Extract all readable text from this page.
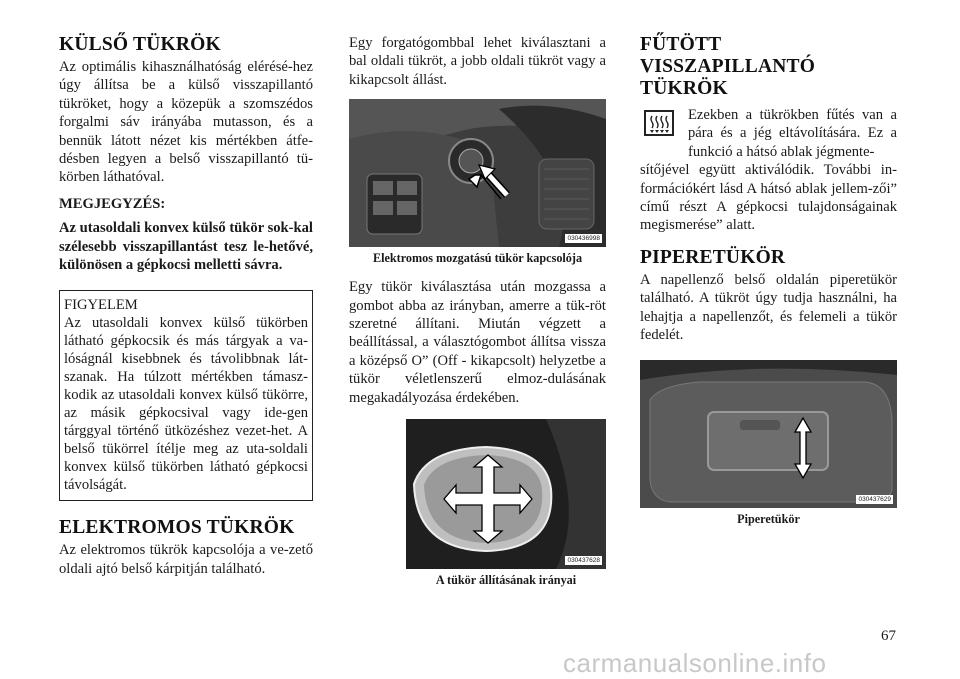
KÜLSŐ TÜKRÖK

Az optimális kihasználhatóság elérésé-hez úgy állítsa be a külső visszapillantó tükröket, hogy a közepük a szomszédos forgalmi sáv irányába mutasson, és a bennük látott nézet kis mértékben átfe-désben legyen a belső visszapillantó tü-körben láthatóval.

MEGJEGYZÉS:

Az utasoldali konvex külső tükör sok-kal szélesebb visszapillantást tesz le-hetővé, különösen a gépkocsi melletti sávra.

FIGYELEM

Az utasoldali konvex külső tükörben látható gépkocsik és más tárgyak a va-lóságnál kisebbnek és távolibbnak lát-szanak. Ha túlzott mértékben támasz-kodik az utasoldali konvex külső tükörre, az másik gépkocsival vagy ide-gen tárggyal történő ütközéshez vezet-het. A belső tükörrel ítélje meg az uta-soldali konvex külső tükörben látható gépkocsi távolságát.

ELEKTROMOS TÜKRÖK

Az elektromos tükrök kapcsolója a ve-zető oldali ajtó belső kárpitján található.

Egy forgatógombbal lehet kiválasztani a bal oldali tükröt, a jobb oldali tükröt vagy a kikapcsolt állást.

030436998
Elektromos mozgatású tükör kapcsolója

Egy tükör kiválasztása után mozgassa a gombot abba az irányban, amerre a tük-röt szeretné állítani. Miután végzett a beállítással, a választógombot állítsa vissza a középső O” (Off - kikapcsolt) helyzetbe a tükör véletlenszerű elmoz-dulásának megakadályozása érdekében.

030437628
A tükör állításának irányai
FŰTÖTT VISSZAPILLANTÓ TÜKRÖK

Ezekben a tükrökben fűtés van a pára és a jég eltávolítására. Ez a funkció a hátsó ablak jégmente-

sítőjével együtt aktiválódik. További in-formációkért lásd A hátsó ablak jellem-zői” című részt A gépkocsi tulajdonságainak megismerése” alatt.

PIPERETÜKÖR

A napellenző belső oldalán piperetükör található. A tükröt úgy tudja használni, ha lehajtja a napellenzőt, és felemeli a tükör fedelét.

030437629
Piperetükör
67
carmanualsonline.info
